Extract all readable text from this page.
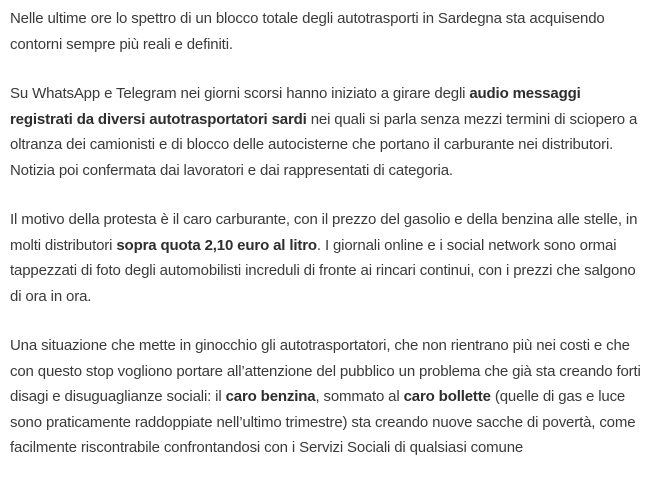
Nelle ultime ore lo spettro di un blocco totale degli autotrasporti in Sardegna sta acquisendo contorni sempre più reali e definiti.

Su WhatsApp e Telegram nei giorni scorsi hanno iniziato a girare degli audio messaggi registrati da diversi autotrasportatori sardi nei quali si parla senza mezzi termini di sciopero a oltranza dei camionisti e di blocco delle autocisterne che portano il carburante nei distributori. Notizia poi confermata dai lavoratori e dai rappresentati di categoria.

Il motivo della protesta è il caro carburante, con il prezzo del gasolio e della benzina alle stelle, in molti distributori sopra quota 2,10 euro al litro. I giornali online e i social network sono ormai tappezzati di foto degli automobilisti increduli di fronte ai rincari continui, con i prezzi che salgono di ora in ora.

Una situazione che mette in ginocchio gli autotrasportatori, che non rientrano più nei costi e che con questo stop vogliono portare all’attenzione del pubblico un problema che già sta creando forti disagi e disuguaglianze sociali: il caro benzina, sommato al caro bollette (quelle di gas e luce sono praticamente raddoppiate nell’ultimo trimestre) sta creando nuove sacche di povertà, come facilmente riscontrabile confrontandosi con i Servizi Sociali di qualsiasi comune
